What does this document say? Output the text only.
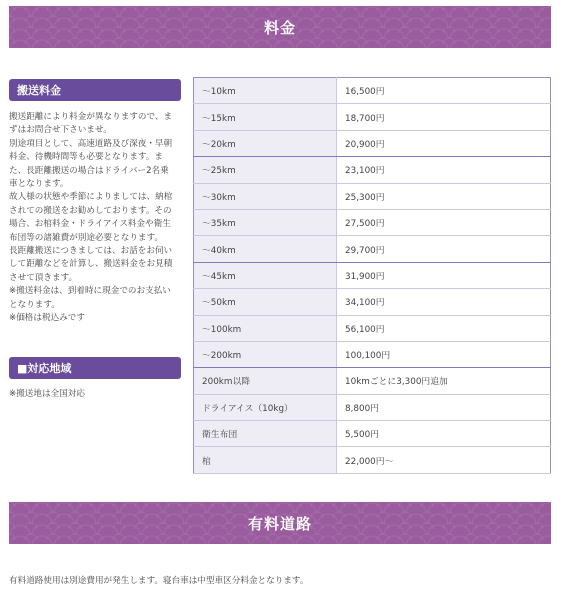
料金
搬送料金

搬送距離により料金が異なりますので、ま

ずはお問合せ下さいませ。

別途項目として、高速道路及び深夜・早朝

料金、待機時間等も必要となります。ま

た、長距離搬送の場合はドライバー2名乗

車となります。

故人様の状態や季節によりましては、納棺

されての搬送をお勧めしております。その

場合、お棺料金・ドライアイス料金や衛生

布団等の諸雑費が別途必要となります。

長距離搬送につきましては、お話をお伺い

して距離などを計算し、搬送料金をお見積

させて頂きます。

※搬送料金は、到着時に現金でのお支払い

となります。

※価格は税込みです

■対応地域
※搬送地は全国対応
〜10km	16,500円
〜15km	18,700円
〜20km	20,900円
〜25km	23,100円
〜30km	25,300円
〜35km	27,500円
〜40km	29,700円
〜45km	31,900円
〜50km	34,100円
〜100km	56,100円
〜200km	100,100円
200km以降	10kmごとに3,300円追加
ドライアイス（10kg）	8,800円
衛生布団	5,500円
棺	22,000円〜
有料道路
有料道路使用は別途費用が発生します。寝台車は中型車区分料金となります。
